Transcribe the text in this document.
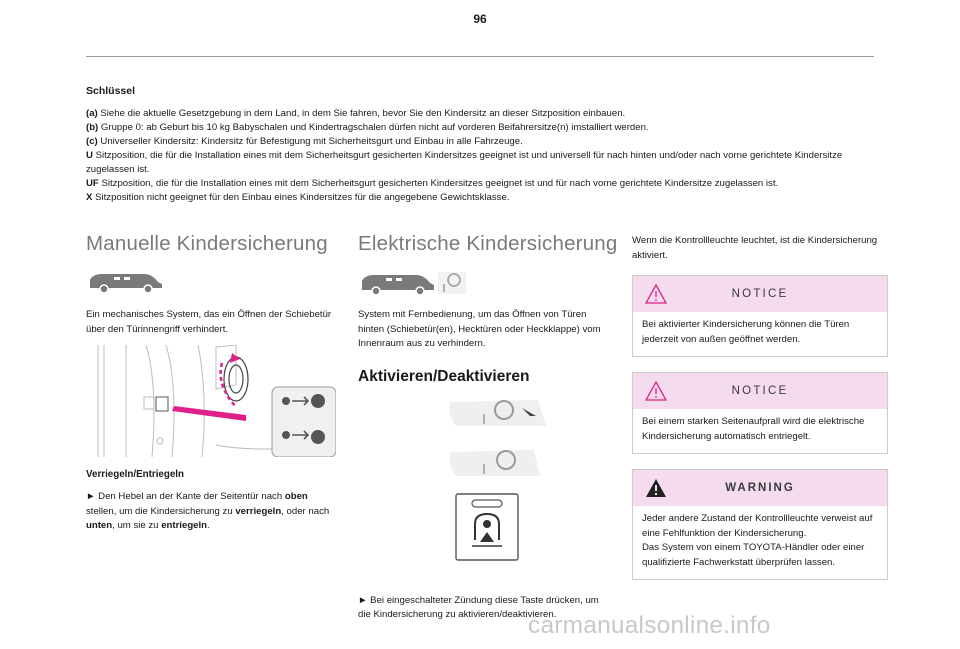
96
Schlüssel
(a) Siehe die aktuelle Gesetzgebung in dem Land, in dem Sie fahren, bevor Sie den Kindersitz an dieser Sitzposition einbauen.
(b) Gruppe 0: ab Geburt bis 10 kg Babyschalen und Kindertragschalen dürfen nicht auf vorderen Beifahrersitze(n) imstalliert werden.
(c) Universeller Kindersitz: Kindersitz für Befestigung mit Sicherheitsgurt und Einbau in alle Fahrzeuge.
U Sitzposition, die für die Installation eines mit dem Sicherheitsgurt gesicherten Kindersitzes geeignet ist und universell für nach hinten und/oder nach vorne gerichtete Kindersitze zugelassen ist.
UF Sitzposition, die für die Installation eines mit dem Sicherheitsgurt gesicherten Kindersitzes geeignet ist und für nach vorne gerichtete Kindersitze zugelassen ist.
X Sitzposition nicht geeignet für den Einbau eines Kindersitzes für die angegebene Gewichtsklasse.
Manuelle Kindersicherung

Ein mechanisches System, das ein Öffnen der Schiebetür über den Türinnengriff verhindert.

Verriegeln/Entriegeln

► Den Hebel an der Kante der Seitentür nach oben stellen, um die Kindersicherung zu verriegeln, oder nach unten, um sie zu entriegeln.
Elektrische Kindersicherung

System mit Fernbedienung, um das Öffnen von Türen hinten (Schiebetür(en), Hecktüren oder Heckklappe) vom Innenraum aus zu verhindern.

Aktivieren/Deaktivieren
► Bei eingeschalteter Zündung diese Taste drücken, um die Kindersicherung zu aktivieren/deaktivieren.

Wenn die Kontrollleuchte leuchtet, ist die Kindersicherung aktiviert.

NOTICE
Bei aktivierter Kindersicherung können die Türen jederzeit von außen geöffnet werden.
NOTICE
Bei einem starken Seitenaufprall wird die elektrische Kindersicherung automatisch entriegelt.
WARNING
Jeder andere Zustand der Kontrollleuchte verweist auf eine Fehlfunktion der Kindersicherung.
Das System von einem TOYOTA-Händler oder einer qualifizierte Fachwerkstatt überprüfen lassen.
carmanualsonline.info
